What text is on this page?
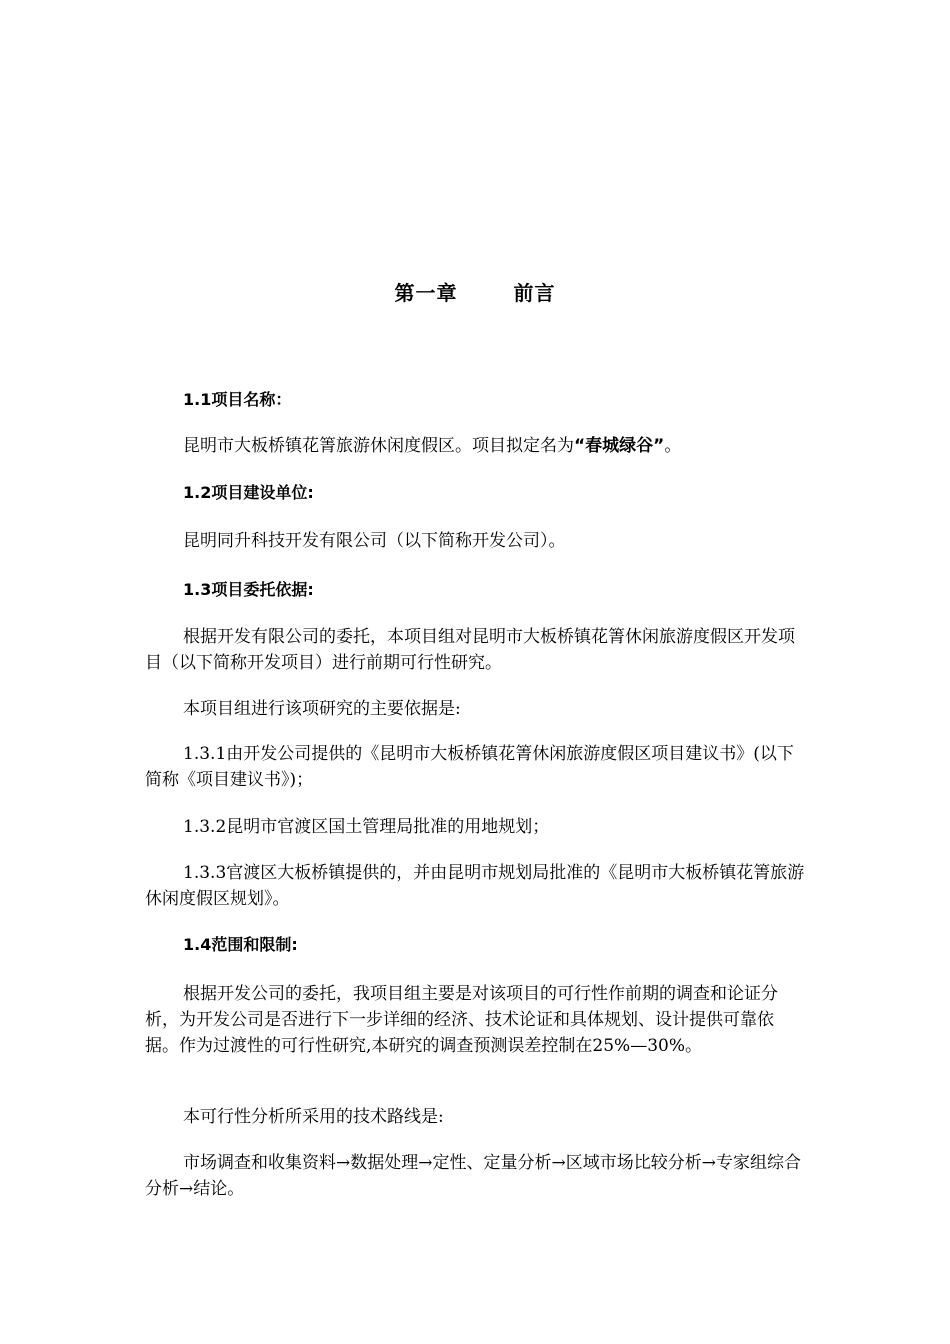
第一章	前言
1.1项目名称：

昆明市大板桥镇花箐旅游休闲度假区。项目拟定名为“春城绿谷”。

1.2项目建设单位:

昆明同升科技开发有限公司（以下简称开发公司）。

1.3项目委托依据:

根据开发有限公司的委托，本项目组对昆明市大板桥镇花箐休闲旅游度假区开发项目（以下简称开发项目）进行前期可行性研究。

本项目组进行该项研究的主要依据是:

1.3.1由开发公司提供的《昆明市大板桥镇花箐休闲旅游度假区项目建议书》(以下简称《项目建议书》)；

1.3.2昆明市官渡区国土管理局批准的用地规划；

1.3.3官渡区大板桥镇提供的，并由昆明市规划局批准的《昆明市大板桥镇花箐旅游休闲度假区规划》。

1.4范围和限制:

根据开发公司的委托，我项目组主要是对该项目的可行性作前期的调查和论证分析，为开发公司是否进行下一步详细的经济、技术论证和具体规划、设计提供可靠依据。作为过渡性的可行性研究,本研究的调查预测误差控制在25%—30%。

本可行性分析所采用的技术路线是:

市场调查和收集资料→数据处理→定性、定量分析→区域市场比较分析→专家组综合分析→结论。
